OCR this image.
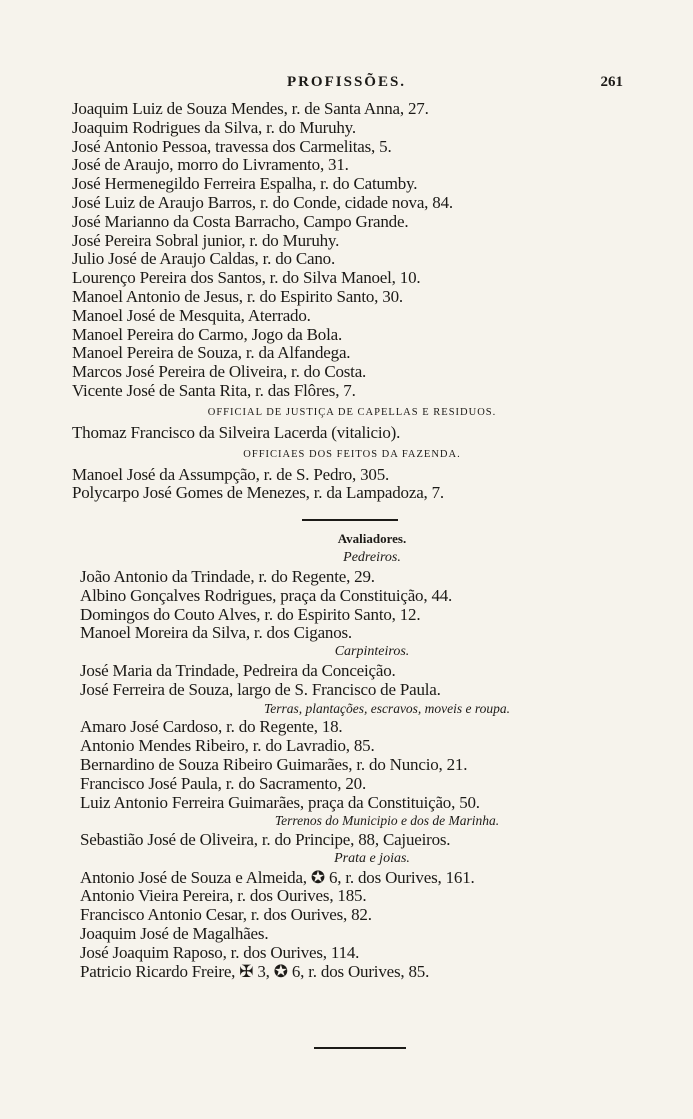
PROFISSÕES.	261
Joaquim Luiz de Souza Mendes, r. de Santa Anna, 27.
Joaquim Rodrigues da Silva, r. do Muruhy.
José Antonio Pessoa, travessa dos Carmelitas, 5.
José de Araujo, morro do Livramento, 31.
José Hermenegildo Ferreira Espalha, r. do Catumby.
José Luiz de Araujo Barros, r. do Conde, cidade nova, 84.
José Marianno da Costa Barracho, Campo Grande.
José Pereira Sobral junior, r. do Muruhy.
Julio José de Araujo Caldas, r. do Cano.
Lourenço Pereira dos Santos, r. do Silva Manoel, 10.
Manoel Antonio de Jesus, r. do Espirito Santo, 30.
Manoel José de Mesquita, Aterrado.
Manoel Pereira do Carmo, Jogo da Bola.
Manoel Pereira de Souza, r. da Alfandega.
Marcos José Pereira de Oliveira, r. do Costa.
Vicente José de Santa Rita, r. das Flôres, 7.
OFFICIAL DE JUSTIÇA DE CAPELLAS E RESIDUOS.
Thomaz Francisco da Silveira Lacerda (vitalicio).
OFFICIAES DOS FEITOS DA FAZENDA.
Manoel José da Assumpção, r. de S. Pedro, 305.
Polycarpo José Gomes de Menezes, r. da Lampadoza, 7.
Avaliadores.
Pedreiros.
João Antonio da Trindade, r. do Regente, 29.
Albino Gonçalves Rodrigues, praça da Constituição, 44.
Domingos do Couto Alves, r. do Espirito Santo, 12.
Manoel Moreira da Silva, r. dos Ciganos.
Carpinteiros.
José Maria da Trindade, Pedreira da Conceição.
José Ferreira de Souza, largo de S. Francisco de Paula.
Terras, plantações, escravos, moveis e roupa.
Amaro José Cardoso, r. do Regente, 18.
Antonio Mendes Ribeiro, r. do Lavradio, 85.
Bernardino de Souza Ribeiro Guimarães, r. do Nuncio, 21.
Francisco José Paula, r. do Sacramento, 20.
Luiz Antonio Ferreira Guimarães, praça da Constituição, 50.
Terrenos do Municipio e dos de Marinha.
Sebastião José de Oliveira, r. do Principe, 88, Cajueiros.
Prata e joias.
Antonio José de Souza e Almeida, ✪ 6, r. dos Ourives, 161.
Antonio Vieira Pereira, r. dos Ourives, 185.
Francisco Antonio Cesar, r. dos Ourives, 82.
Joaquim José de Magalhães.
José Joaquim Raposo, r. dos Ourives, 114.
Patricio Ricardo Freire, ✠ 3, ✪ 6, r. dos Ourives, 85.
